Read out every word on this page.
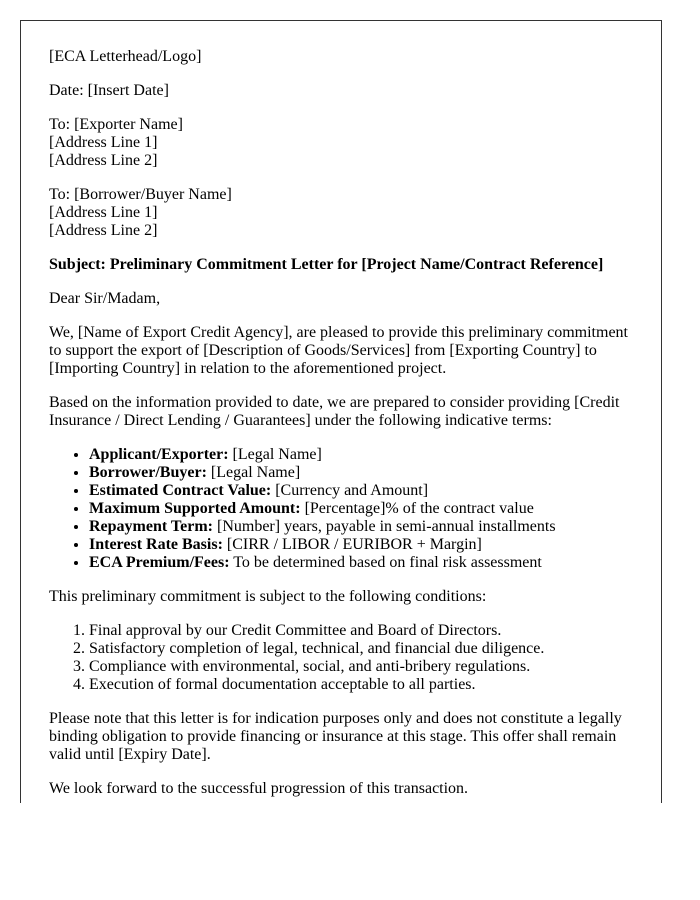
[ECA Letterhead/Logo]

Date: [Insert Date]

To: [Exporter Name]
[Address Line 1]
[Address Line 2]

To: [Borrower/Buyer Name]
[Address Line 1]
[Address Line 2]

Subject: Preliminary Commitment Letter for [Project Name/Contract Reference]

Dear Sir/Madam,

We, [Name of Export Credit Agency], are pleased to provide this preliminary commitment to support the export of [Description of Goods/Services] from [Exporting Country] to [Importing Country] in relation to the aforementioned project.

Based on the information provided to date, we are prepared to consider providing [Credit Insurance / Direct Lending / Guarantees] under the following indicative terms:

• Applicant/Exporter: [Legal Name]
• Borrower/Buyer: [Legal Name]
• Estimated Contract Value: [Currency and Amount]
• Maximum Supported Amount: [Percentage]% of the contract value
• Repayment Term: [Number] years, payable in semi-annual installments
• Interest Rate Basis: [CIRR / LIBOR / EURIBOR + Margin]
• ECA Premium/Fees: To be determined based on final risk assessment

This preliminary commitment is subject to the following conditions:

1. Final approval by our Credit Committee and Board of Directors.
2. Satisfactory completion of legal, technical, and financial due diligence.
3. Compliance with environmental, social, and anti-bribery regulations.
4. Execution of formal documentation acceptable to all parties.

Please note that this letter is for indication purposes only and does not constitute a legally binding obligation to provide financing or insurance at this stage. This offer shall remain valid until [Expiry Date].

We look forward to the successful progression of this transaction.
